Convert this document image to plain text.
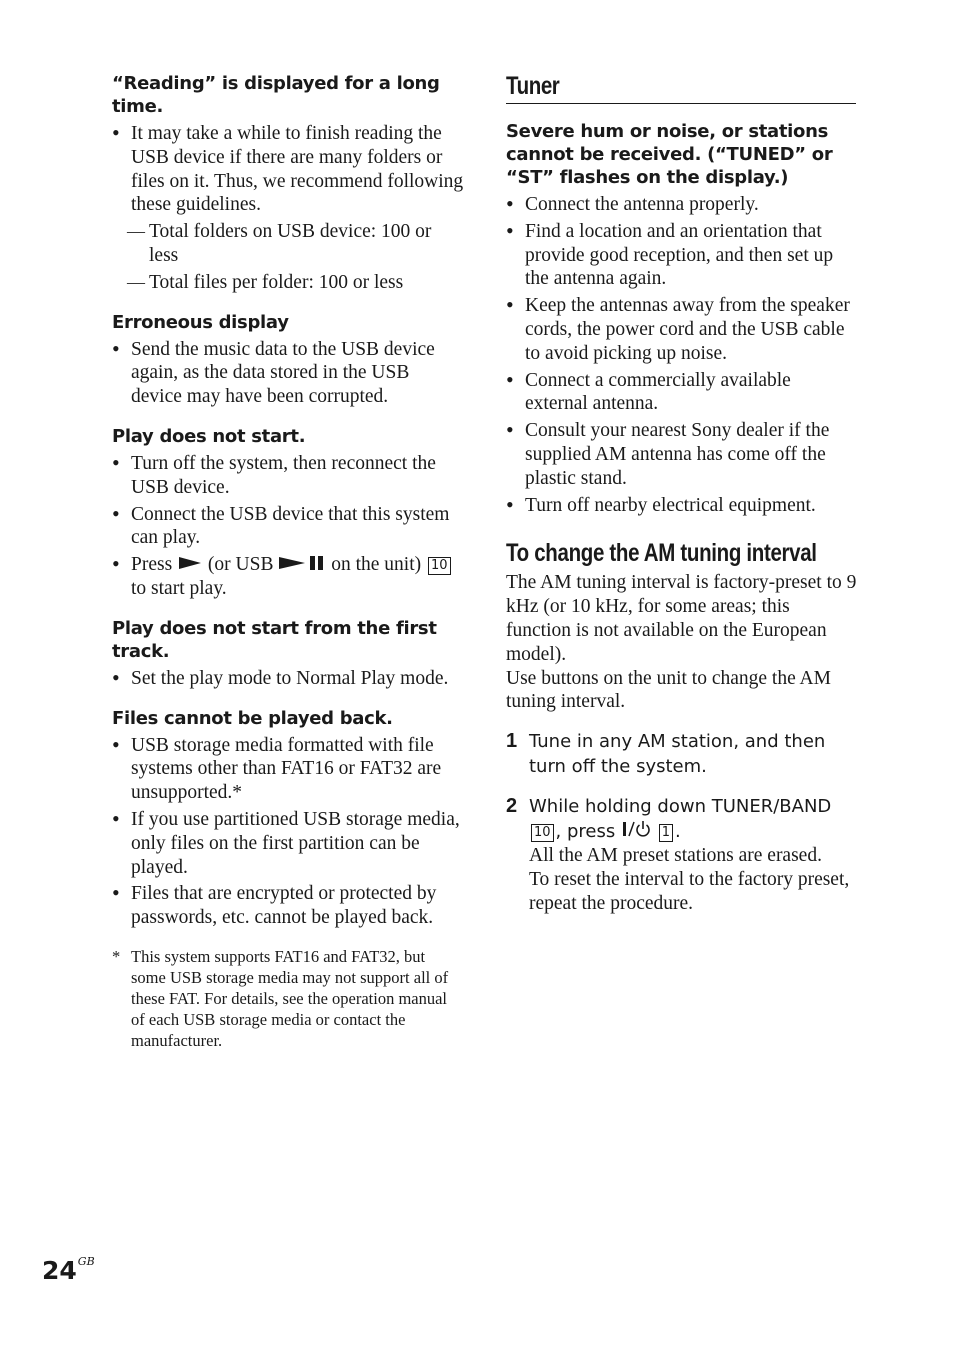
“Reading” is displayed for a long time.

• It may take a while to finish reading the USB device if there are many folders or files on it. Thus, we recommend following these guidelines.
— Total folders on USB device: 100 or less
— Total files per folder: 100 or less

Erroneous display

• Send the music data to the USB device again, as the data stored in the USB device may have been corrupted.

Play does not start.

• Turn off the system, then reconnect the USB device.
• Connect the USB device that this system can play.
• Press (or USB	on the unit) 10 to start play.

Play does not start from the first track.

• Set the play mode to Normal Play mode.

Files cannot be played back.

• USB storage media formatted with file systems other than FAT16 or FAT32 are unsupported.*
• If you use partitioned USB storage media, only files on the first partition can be played.
• Files that are encrypted or protected by passwords, etc. cannot be played back.
* This system supports FAT16 and FAT32, but some USB storage media may not support all of these FAT. For details, see the operation manual of each USB storage media or contact the manufacturer.
Tuner

Severe hum or noise, or stations cannot be received. (“TUNED” or “ST” flashes on the display.)

• Connect the antenna properly.
• Find a location and an orientation that provide good reception, and then set up the antenna again.
• Keep the antennas away from the speaker cords, the power cord and the USB cable to avoid picking up noise.
• Connect a commercially available external antenna.
• Consult your nearest Sony dealer if the supplied AM antenna has come off the plastic stand.
• Turn off nearby electrical equipment.
To change the AM tuning interval

The AM tuning interval is factory-preset to 9 kHz (or 10 kHz, for some areas; this function is not available on the European model).

Use buttons on the unit to change the AM tuning interval.

1 Tune in any AM station, and then turn off the system.
2 While holding down TUNER/BAND 10 , press	1 .
All the AM preset stations are erased.
To reset the interval to the factory preset, repeat the procedure.
$24^{GB}$
